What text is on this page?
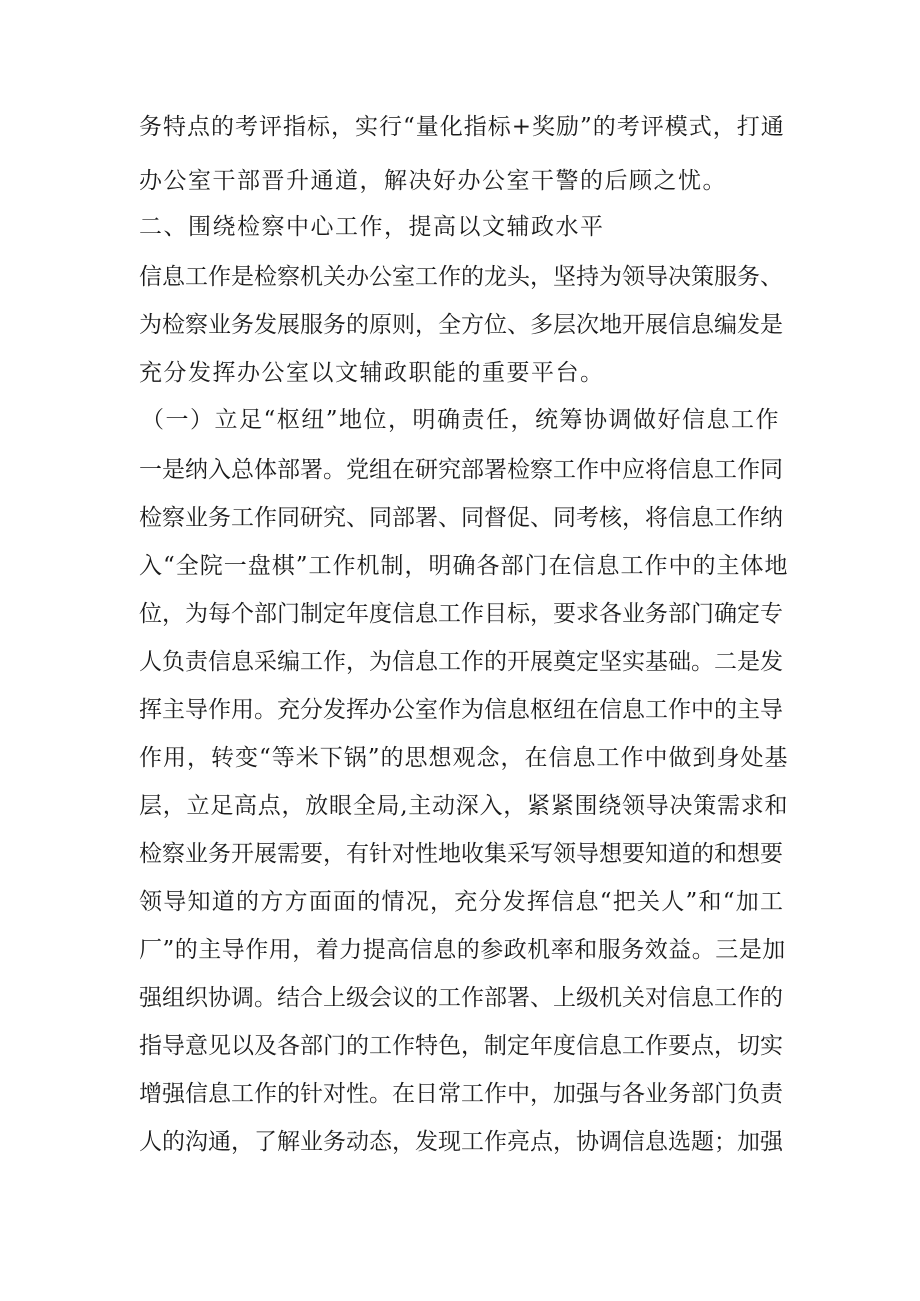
务特点的考评指标，实行“量化指标+奖励”的考评模式，打通
办公室干部晋升通道，解决好办公室干警的后顾之忧。
二、围绕检察中心工作，提高以文辅政水平
信息工作是检察机关办公室工作的龙头，坚持为领导决策服务、
为检察业务发展服务的原则，全方位、多层次地开展信息编发是
充分发挥办公室以文辅政职能的重要平台。
（一）立足“枢纽”地位，明确责任，统筹协调做好信息工作
一是纳入总体部署。党组在研究部署检察工作中应将信息工作同
检察业务工作同研究、同部署、同督促、同考核，将信息工作纳
入“全院一盘棋”工作机制，明确各部门在信息工作中的主体地
位，为每个部门制定年度信息工作目标，要求各业务部门确定专
人负责信息采编工作，为信息工作的开展奠定坚实基础。二是发
挥主导作用。充分发挥办公室作为信息枢纽在信息工作中的主导
作用，转变“等米下锅”的思想观念，在信息工作中做到身处基
层，立足高点，放眼全局,主动深入，紧紧围绕领导决策需求和
检察业务开展需要，有针对性地收集采写领导想要知道的和想要
领导知道的方方面面的情况，充分发挥信息“把关人”和“加工
厂”的主导作用，着力提高信息的参政机率和服务效益。三是加
强组织协调。结合上级会议的工作部署、上级机关对信息工作的
指导意见以及各部门的工作特色，制定年度信息工作要点，切实
增强信息工作的针对性。在日常工作中，加强与各业务部门负责
人的沟通，了解业务动态，发现工作亮点，协调信息选题；加强
